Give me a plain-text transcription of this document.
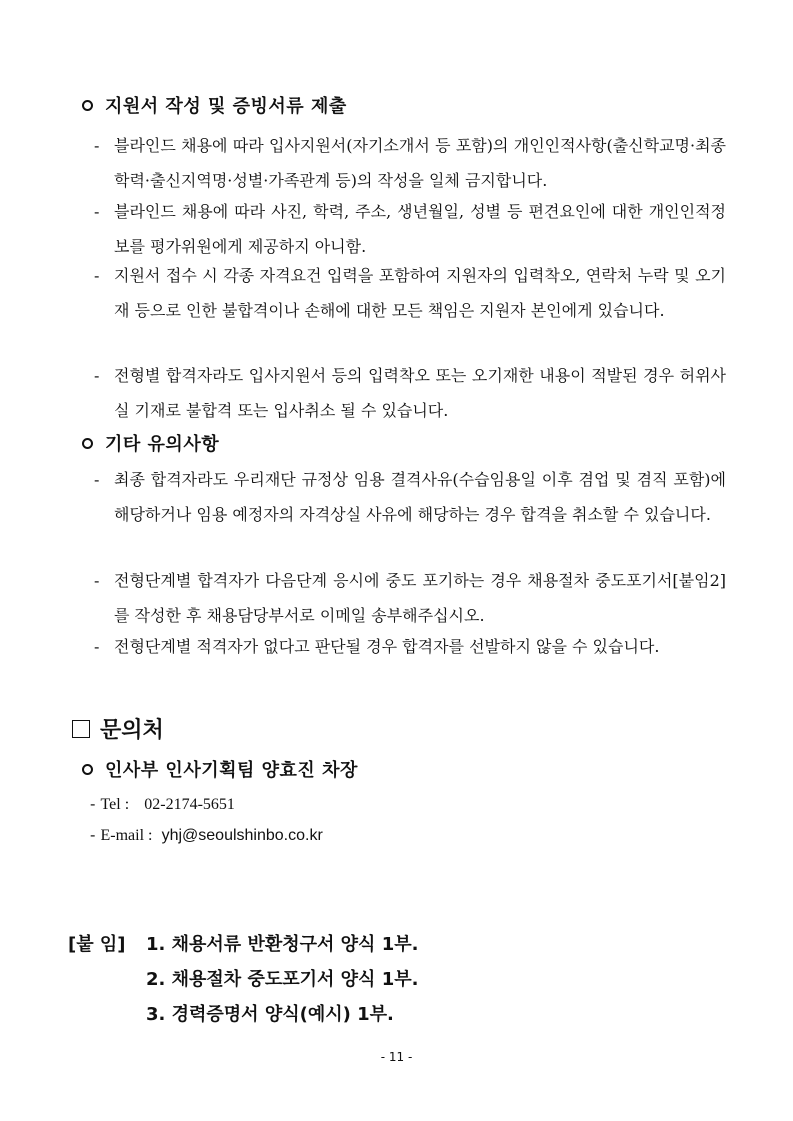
지원서 작성 및 증빙서류 제출
- 블라인드 채용에 따라 입사지원서(자기소개서 등 포함)의 개인인적사항(출신학교명·최종학력·출신지역명·성별·가족관계 등)의 작성을 일체 금지합니다.
- 블라인드 채용에 따라 사진, 학력, 주소, 생년월일, 성별 등 편견요인에 대한 개인인적정보를 평가위원에게 제공하지 아니함.
- 지원서 접수 시 각종 자격요건 입력을 포함하여 지원자의 입력착오, 연락처 누락 및 오기재 등으로 인한 불합격이나 손해에 대한 모든 책임은 지원자 본인에게 있습니다.
- 전형별 합격자라도 입사지원서 등의 입력착오 또는 오기재한 내용이 적발된 경우 허위사실 기재로 불합격 또는 입사취소 될 수 있습니다.
기타 유의사항
- 최종 합격자라도 우리재단 규정상 임용 결격사유(수습임용일 이후 겸업 및 겸직 포함)에 해당하거나 임용 예정자의 자격상실 사유에 해당하는 경우 합격을 취소할 수 있습니다.
- 전형단계별 합격자가 다음단계 응시에 중도 포기하는 경우 채용절차 중도포기서[붙임2]를 작성한 후 채용담당부서로 이메일 송부해주십시오.
- 전형단계별 적격자가 없다고 판단될 경우 합격자를 선발하지 않을 수 있습니다.
문의처
인사부 인사기획팀 양효진 차장
- Tel : 02-2174-5651
- E-mail : yhj@seoulshinbo.co.kr
[붙 임] 1. 채용서류 반환청구서 양식 1부.
2. 채용절차 중도포기서 양식 1부.
3. 경력증명서 양식(예시) 1부.
- 11 -
